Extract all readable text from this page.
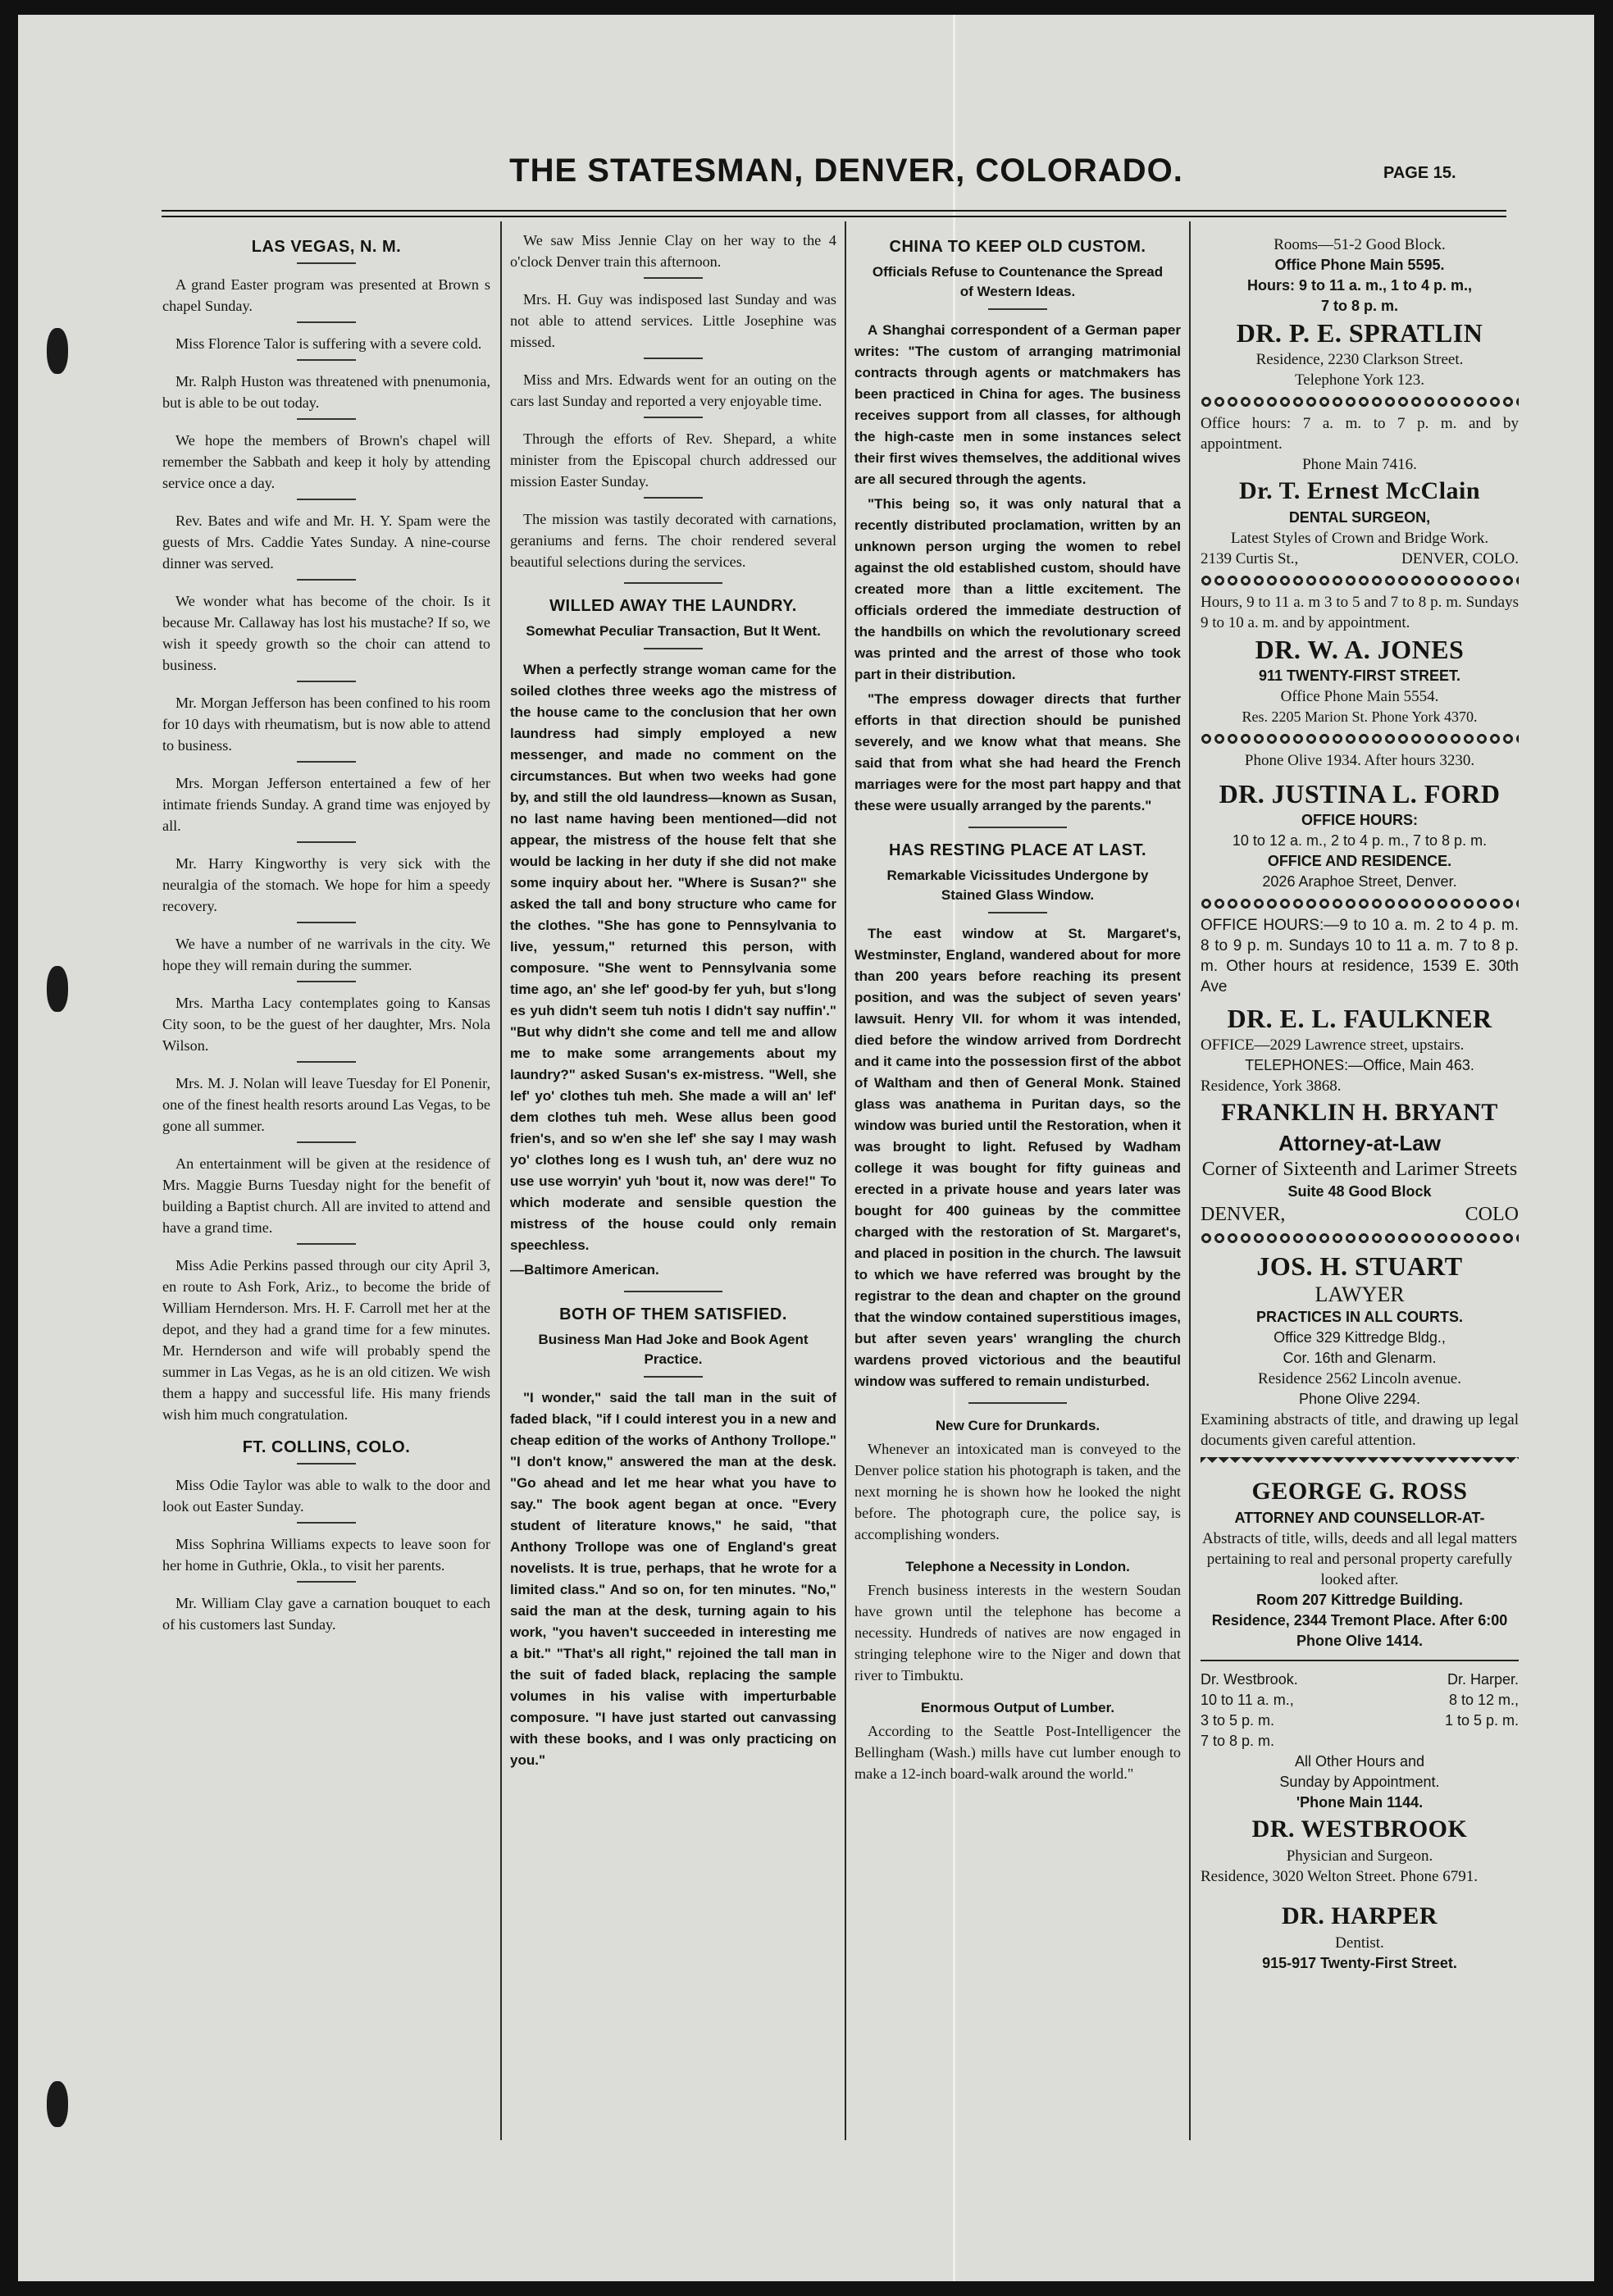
THE STATESMAN, DENVER, COLORADO.	PAGE 15.
LAS VEGAS, N. M.

A grand Easter program was presented at Brown s chapel Sunday.

Miss Florence Talor is suffering with a severe cold.

Mr. Ralph Huston was threatened with pnenumonia, but is able to be out today.

We hope the members of Brown's chapel will remember the Sabbath and keep it holy by attending service once a day.

Rev. Bates and wife and Mr. H. Y. Spam were the guests of Mrs. Caddie Yates Sunday. A nine-course dinner was served.

We wonder what has become of the choir. Is it because Mr. Callaway has lost his mustache? If so, we wish it speedy growth so the choir can attend to business.

Mr. Morgan Jefferson has been confined to his room for 10 days with rheumatism, but is now able to attend to business.

Mrs. Morgan Jefferson entertained a few of her intimate friends Sunday. A grand time was enjoyed by all.

Mr. Harry Kingworthy is very sick with the neuralgia of the stomach. We hope for him a speedy recovery.

We have a number of ne warrivals in the city. We hope they will remain during the summer.

Mrs. Martha Lacy contemplates going to Kansas City soon, to be the guest of her daughter, Mrs. Nola Wilson.

Mrs. M. J. Nolan will leave Tuesday for El Ponenir, one of the finest health resorts around Las Vegas, to be gone all summer.

An entertainment will be given at the residence of Mrs. Maggie Burns Tuesday night for the benefit of building a Baptist church. All are invited to attend and have a grand time.

Miss Adie Perkins passed through our city April 3, en route to Ash Fork, Ariz., to become the bride of William Hernderson. Mrs. H. F. Carroll met her at the depot, and they had a grand time for a few minutes. Mr. Hernderson and wife will probably spend the summer in Las Vegas, as he is an old citizen. We wish them a happy and successful life. His many friends wish him much congratulation.

FT. COLLINS, COLO.

Miss Odie Taylor was able to walk to the door and look out Easter Sunday.

Miss Sophrina Williams expects to leave soon for her home in Guthrie, Okla., to visit her parents.

Mr. William Clay gave a carnation bouquet to each of his customers last Sunday.

We saw Miss Jennie Clay on her way to the 4 o'clock Denver train this afternoon.

Mrs. H. Guy was indisposed last Sunday and was not able to attend services. Little Josephine was missed.

Miss and Mrs. Edwards went for an outing on the cars last Sunday and reported a very enjoyable time.

Through the efforts of Rev. Shepard, a white minister from the Episcopal church addressed our mission Easter Sunday.

The mission was tastily decorated with carnations, geraniums and ferns. The choir rendered several beautiful selections during the services.

WILLED AWAY THE LAUNDRY.
Somewhat Peculiar Transaction, But It Went.

When a perfectly strange woman came for the soiled clothes three weeks ago the mistress of the house came to the conclusion that her own laundress had simply employed a new messenger, and made no comment on the circumstances. But when two weeks had gone by, and still the old laundress—known as Susan, no last name having been mentioned—did not appear, the mistress of the house felt that she would be lacking in her duty if she did not make some inquiry about her. "Where is Susan?" she asked the tall and bony structure who came for the clothes. "She has gone to Pennsylvania to live, yessum," returned this person, with composure. "She went to Pennsylvania some time ago, an' she lef' good-by fer yuh, but s'long es yuh didn't seem tuh notis I didn't say nuffin'." "But why didn't she come and tell me and allow me to make some arrangements about my laundry?" asked Susan's ex-mistress. "Well, she lef' yo' clothes tuh meh. She made a will an' lef' dem clothes tuh meh. Wese allus been good frien's, and so w'en she lef' she say I may wash yo' clothes long es I wush tuh, an' dere wuz no use use worryin' yuh 'bout it, now was dere!" To which moderate and sensible question the mistress of the house could only remain speechless.

—Baltimore American.

BOTH OF THEM SATISFIED.
Business Man Had Joke and Book Agent Practice.

"I wonder," said the tall man in the suit of faded black, "if I could interest you in a new and cheap edition of the works of Anthony Trollope." "I don't know," answered the man at the desk. "Go ahead and let me hear what you have to say." The book agent began at once. "Every student of literature knows," he said, "that Anthony Trollope was one of England's great novelists. It is true, perhaps, that he wrote for a limited class." And so on, for ten minutes. "No," said the man at the desk, turning again to his work, "you haven't succeeded in interesting me a bit." "That's all right," rejoined the tall man in the suit of faded black, replacing the sample volumes in his valise with imperturbable composure. "I have just started out canvassing with these books, and I was only practicing on you."

CHINA TO KEEP OLD CUSTOM.
Officials Refuse to Countenance the Spread of Western Ideas.

A Shanghai correspondent of a German paper writes: "The custom of arranging matrimonial contracts through agents or matchmakers has been practiced in China for ages. The business receives support from all classes, for although the high-caste men in some instances select their first wives themselves, the additional wives are all secured through the agents.

"This being so, it was only natural that a recently distributed proclamation, written by an unknown person urging the women to rebel against the old established custom, should have created more than a little excitement. The officials ordered the immediate destruction of the handbills on which the revolutionary screed was printed and the arrest of those who took part in their distribution.

"The empress dowager directs that further efforts in that direction should be punished severely, and we know what that means. She said that from what she had heard the French marriages were for the most part happy and that these were usually arranged by the parents."

HAS RESTING PLACE AT LAST.
Remarkable Vicissitudes Undergone by Stained Glass Window.

The east window at St. Margaret's, Westminster, England, wandered about for more than 200 years before reaching its present position, and was the subject of seven years' lawsuit. Henry VII. for whom it was intended, died before the window arrived from Dordrecht and it came into the possession first of the abbot of Waltham and then of General Monk. Stained glass was anathema in Puritan days, so the window was buried until the Restoration, when it was brought to light. Refused by Wadham college it was bought for fifty guineas and erected in a private house and years later was bought for 400 guineas by the committee charged with the restoration of St. Margaret's, and placed in position in the church. The lawsuit to which we have referred was brought by the registrar to the dean and chapter on the ground that the window contained superstitious images, but after seven years' wrangling the church wardens proved victorious and the beautiful window was suffered to remain undisturbed.

New Cure for Drunkards.

Whenever an intoxicated man is conveyed to the Denver police station his photograph is taken, and the next morning he is shown how he looked the night before. The photograph cure, the police say, is accomplishing wonders.

Telephone a Necessity in London.

French business interests in the western Soudan have grown until the telephone has become a necessity. Hundreds of natives are now engaged in stringing telephone wire to the Niger and down that river to Timbuktu.

Enormous Output of Lumber.

According to the Seattle Post-Intelligencer the Bellingham (Wash.) mills have cut lumber enough to make a 12-inch board-walk around the world."

Rooms—51-2 Good Block.
Office Phone Main 5595.
Hours: 9 to 11 a. m., 1 to 4 p. m.,
7 to 8 p. m.
DR. P. E. SPRATLIN
Residence, 2230 Clarkson Street.
Telephone York 123.
Office hours: 7 a. m. to 7 p. m. and by appointment.
Phone Main 7416.
Dr. T. Ernest McClain
DENTAL SURGEON,
Latest Styles of Crown and Bridge Work.
2139 Curtis St.,	DENVER, COLO.
Hours, 9 to 11 a. m 3 to 5 and 7 to 8 p. m. Sundays 9 to 10 a. m. and by appointment.
DR. W. A. JONES
911 TWENTY-FIRST STREET.
Office Phone Main 5554.
Res. 2205 Marion St. Phone York 4370.
Phone Olive 1934. After hours 3230.
DR. JUSTINA L. FORD
OFFICE HOURS:
10 to 12 a. m., 2 to 4 p. m., 7 to 8 p. m.
OFFICE AND RESIDENCE.
2026 Araphoe Street, Denver.
OFFICE HOURS:—9 to 10 a. m. 2 to 4 p. m. 8 to 9 p. m. Sundays 10 to 11 a. m. 7 to 8 p. m. Other hours at residence, 1539 E. 30th Ave
DR. E. L. FAULKNER
OFFICE—2029 Lawrence street, upstairs.
TELEPHONES:—Office, Main 463.
Residence, York 3868.
FRANKLIN H. BRYANT
Attorney-at-Law
Corner of Sixteenth and Larimer Streets
Suite 48 Good Block
DENVER,	COLO
JOS. H. STUART
LAWYER
PRACTICES IN ALL COURTS.
Office 329 Kittredge Bldg.,
Cor. 16th and Glenarm.
Residence 2562 Lincoln avenue.
Phone Olive 2294.
Examining abstracts of title, and drawing up legal documents given careful attention.
GEORGE G. ROSS
ATTORNEY AND COUNSELLOR-AT-
Abstracts of title, wills, deeds and all legal matters pertaining to real and personal property carefully looked after.
Room 207 Kittredge Building.
Residence, 2344 Tremont Place. After 6:00 Phone Olive 1414.
Dr. Westbrook.	Dr. Harper.
10 to 11 a. m.,	8 to 12 m.,
3 to 5 p. m.	1 to 5 p. m.
7 to 8 p. m.
All Other Hours and
Sunday by Appointment.
'Phone Main 1144.
DR. WESTBROOK
Physician and Surgeon.
Residence, 3020 Welton Street. Phone 6791.
DR. HARPER
Dentist.
915-917 Twenty-First Street.
